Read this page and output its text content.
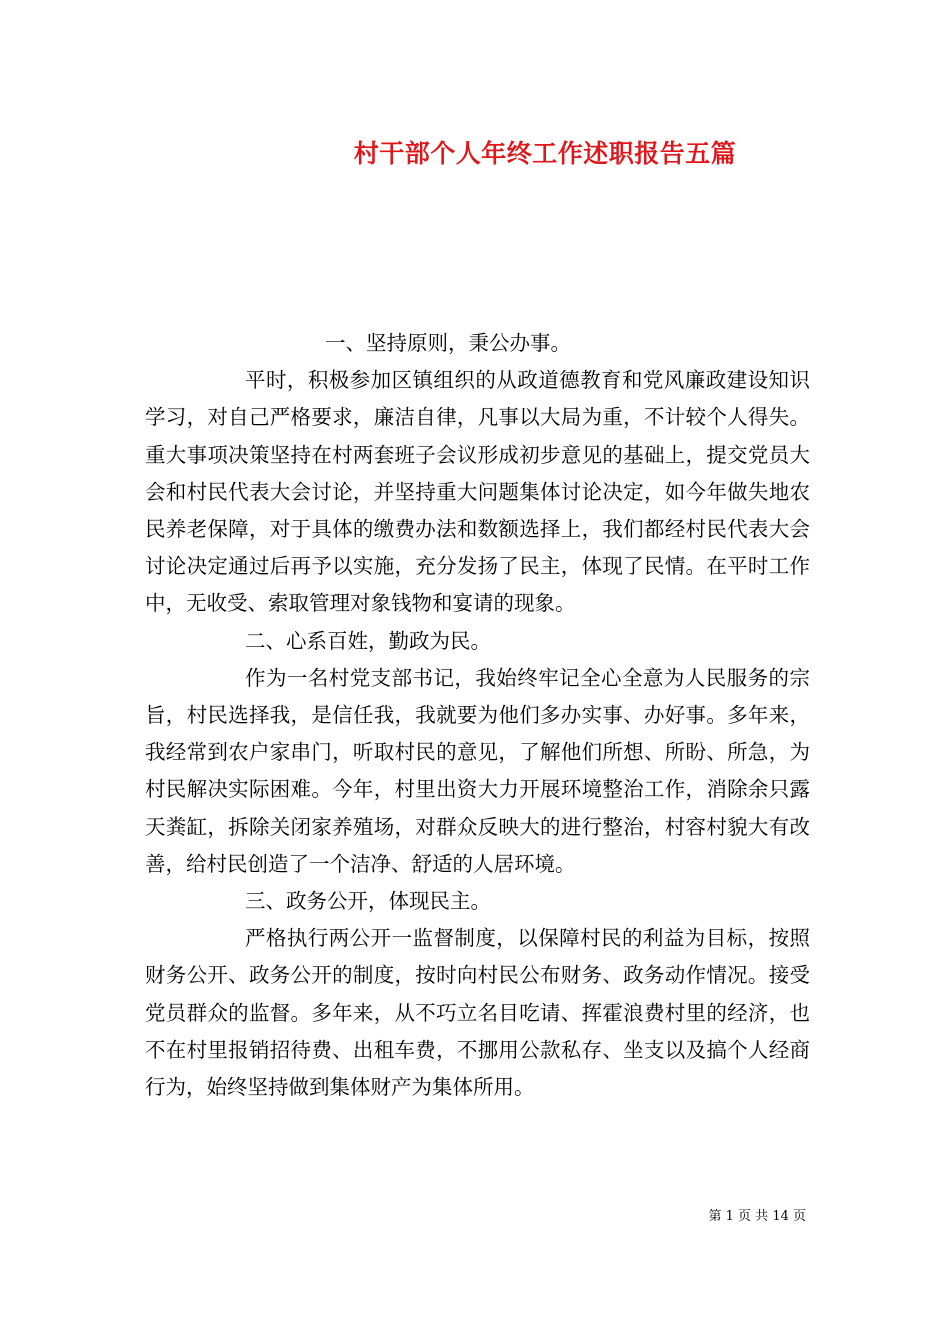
村干部个人年终工作述职报告五篇

一、坚持原则，秉公办事。

平时，积极参加区镇组织的从政道德教育和党风廉政建设知识学习，对自己严格要求，廉洁自律，凡事以大局为重，不计较个人得失。重大事项决策坚持在村两套班子会议形成初步意见的基础上，提交党员大会和村民代表大会讨论，并坚持重大问题集体讨论决定，如今年做失地农民养老保障，对于具体的缴费办法和数额选择上，我们都经村民代表大会讨论决定通过后再予以实施，充分发扬了民主，体现了民情。在平时工作中，无收受、索取管理对象钱物和宴请的现象。

二、心系百姓，勤政为民。

作为一名村党支部书记，我始终牢记全心全意为人民服务的宗旨，村民选择我，是信任我，我就要为他们多办实事、办好事。多年来，我经常到农户家串门，听取村民的意见，了解他们所想、所盼、所急，为村民解决实际困难。今年，村里出资大力开展环境整治工作，消除余只露天粪缸，拆除关闭家养殖场，对群众反映大的进行整治，村容村貌大有改善，给村民创造了一个洁净、舒适的人居环境。

三、政务公开，体现民主。

严格执行两公开一监督制度，以保障村民的利益为目标，按照财务公开、政务公开的制度，按时向村民公布财务、政务动作情况。接受党员群众的监督。多年来，从不巧立名目吃请、挥霍浪费村里的经济，也不在村里报销招待费、出租车费，不挪用公款私存、坐支以及搞个人经商行为，始终坚持做到集体财产为集体所用。

第 1 页 共 14 页
